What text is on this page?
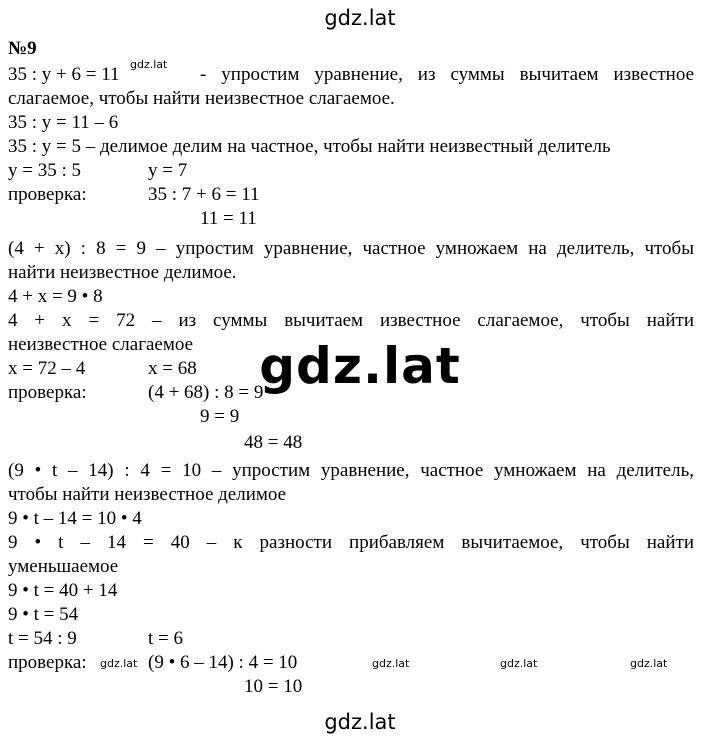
gdz.lat
gdz.lat
gdz.lat
№9
35 : y + 6 = 11 gdz.lat - упростим уравнение, из суммы вычитаем известное
слагаемое, чтобы найти неизвестное слагаемое.
35 : y = 11 – 6
35 : y = 5 – делимое делим на частное, чтобы найти неизвестный делитель
y = 35 : 5	y = 7
проверка:	35 : 7 + 6 = 11
11 = 11
(4 + x) : 8 = 9 – упростим уравнение, частное умножаем на делитель, чтобы
найти неизвестное делимое.
4 + x = 9 • 8
4 + x = 72 – из суммы вычитаем известное слагаемое, чтобы найти
неизвестное слагаемое
x = 72 – 4	x = 68
проверка:	(4 + 68) : 8 = 9
9 = 9
48 = 48
(9 • t – 14) : 4 = 10 – упростим уравнение, частное умножаем на делитель,
чтобы найти неизвестное делимое
9 • t – 14 = 10 • 4
9 • t – 14 = 40 – к разности прибавляем вычитаемое, чтобы найти
уменьшаемое
9 • t = 40 + 14
9 • t = 54
t = 54 : 9	t = 6
проверка: gdz.lat (9 • 6 – 14) : 4 = 10	gdz.lat	gdz.lat	gdz.lat
10 = 10
